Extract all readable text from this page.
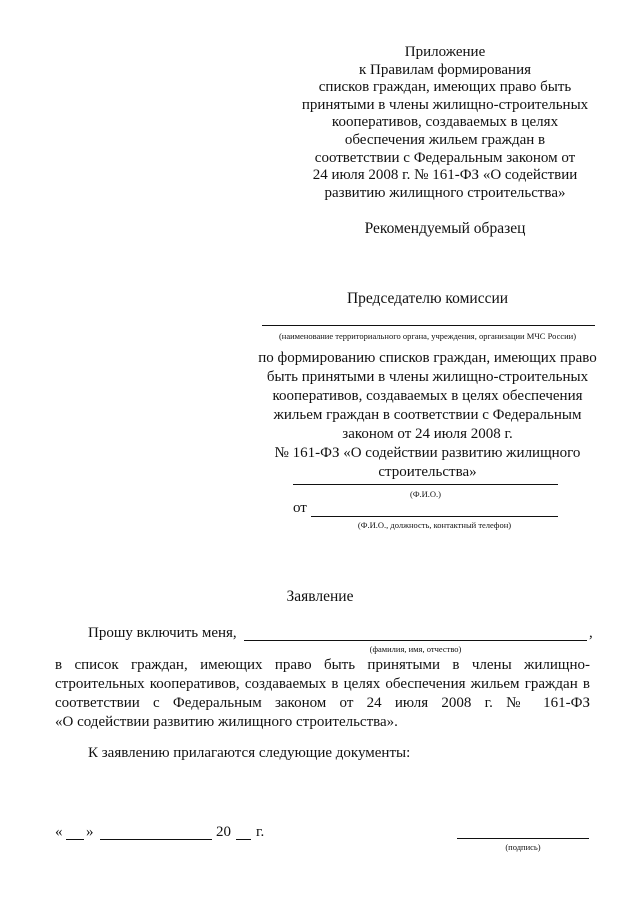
Приложение
к Правилам формирования
списков граждан, имеющих право быть
принятыми в члены жилищно-строительных
кооперативов, создаваемых в целях
обеспечения жильем граждан в
соответствии с Федеральным законом от
24 июля 2008 г. № 161-ФЗ «О содействии
развитию жилищного строительства»
Рекомендуемый образец
Председателю комиссии
(наименование территориального органа, учреждения, организации МЧС России)
по формированию списков граждан, имеющих право
быть принятыми в члены жилищно-строительных
кооперативов, создаваемых в целях обеспечения
жильем граждан в соответствии с Федеральным
законом от 24 июля 2008 г.
№ 161-ФЗ «О содействии развитию жилищного
строительства»
(Ф.И.О.)
от
(Ф.И.О., должность, контактный телефон)
Заявление
Прошу включить меня,	,
(фамилия, имя, отчество)
в список граждан, имеющих право быть принятыми в члены жилищно-
строительных кооперативов, создаваемых в целях обеспечения жильем граждан в
соответствии с Федеральным законом от 24 июля 2008 г. № 161-ФЗ
«О содействии развитию жилищного строительства».
К заявлению прилагаются следующие документы:
« »	20 г.
(подпись)
